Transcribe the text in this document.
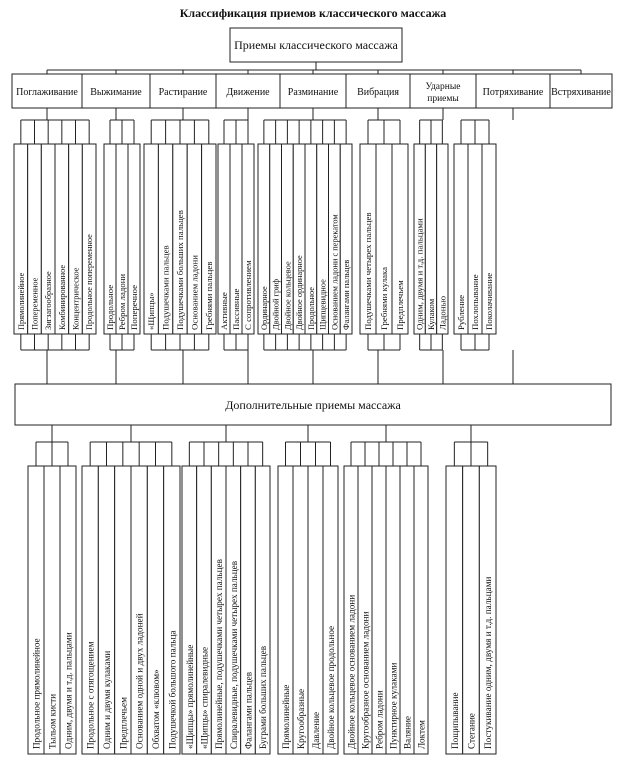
Классификация приемов классического массажа
Приемы классического массажа
Поглаживание Выжимание Растирание Движение Разминание Вибрация	Ударные
приемы
Потряхивание Встряхивание
Прямолинейное Попеременное Зигзагообразное Комбинированное Концентрическое Продольное попеременное Продольное Ребром ладони Поперечное «Щипцы» Подушечками пальцев Подушечками больших пальцев Основанием ладони Гребнями пальцев Активные Пассивные С сопротивлением Ординарное Двойной гриф Двойное кольцевое Двойное ординарное Продольное Щипцевидное Основанием ладони с перекатом Фалангами пальцев Подушечками четырех пальцев Гребнями кулака Предплечьем Одним, двумя и т.д. пальцами Кулаком Ладонью Рубление Похлопывание Поколачивание
Дополнительные приемы массажа
Продольное прямолинейное Тыльом кисти Одним, двумя и т.д. пальцами Продольное с отягощением Одним и двумя кулаками Предплечьем Основанием одной и двух ладоней Обхватом «клювом» Подушечкой большого пальца «Щипцы» прямолинейные «Щипцы» спиралевидные Прямолинейные, подушечками четырех пальцев Спиралевидные, подушечками четырех пальцев Фалангами пальцев Буграми больших пальцев Прямолинейные Кругообразные Давление Двойное кольцевое продольное Двойное кольцевое основанием ладони Кругообразное основанием ладони Ребром ладони Пунктирное кулаками Валяние Локтем	Пощипывание Стегание Постукивание одним, двумя и т.д. пальцами
